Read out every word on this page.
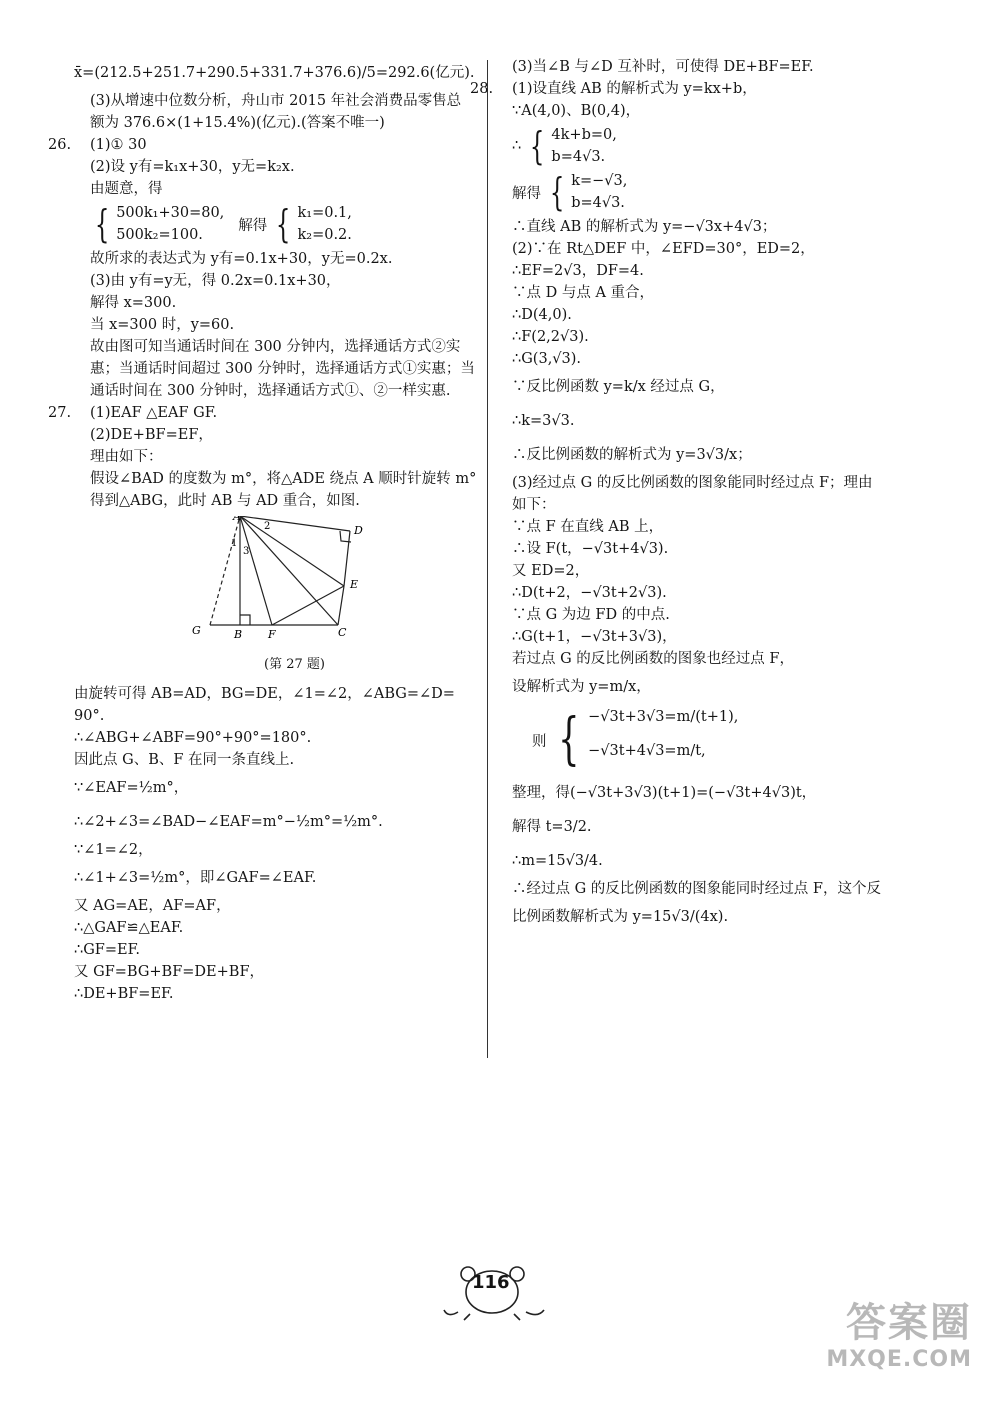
x̄=(212.5+251.7+290.5+331.7+376.6)/5=292.6(亿元).
(3)从增速中位数分析，舟山市 2015 年社会消费品零售总
额为 376.6×(1+15.4%)(亿元).(答案不唯一)
26. (1)① 30
(2)设 y有=k₁x+30，y无=k₂x.
由题意，得
{ 500k₁+30=80,
500k₂=100.
解得 { k₁=0.1,
k₂=0.2.
故所求的表达式为 y有=0.1x+30，y无=0.2x.
(3)由 y有=y无，得 0.2x=0.1x+30，
解得 x=300.
当 x=300 时，y=60.
故由图可知当通话时间在 300 分钟内，选择通话方式②实
惠；当通话时间超过 300 分钟时，选择通话方式①实惠；当
通话时间在 300 分钟时，选择通话方式①、②一样实惠.
27. (1)EAF △EAF GF.
(2)DE+BF=EF，
理由如下：
假设∠BAD 的度数为 m°，将△ADE 绕点 A 顺时针旋转 m°
得到△ABG，此时 AB 与 AD 重合，如图.
A
1
2
3
D
E
G	B F	C
(第 27 题)
由旋转可得 AB=AD，BG=DE，∠1=∠2，∠ABG=∠D=
90°.
∴∠ABG+∠ABF=90°+90°=180°.
因此点 G、B、F 在同一条直线上.
∵∠EAF=½m°，
∴∠2+∠3=∠BAD−∠EAF=m°−½m°=½m°.
∵∠1=∠2，
∴∠1+∠3=½m°，即∠GAF=∠EAF.
又 AG=AE，AF=AF，
∴△GAF≌△EAF.
∴GF=EF.
又 GF=BG+BF=DE+BF，
∴DE+BF=EF.
(3)当∠B 与∠D 互补时，可使得 DE+BF=EF.
28. (1)设直线 AB 的解析式为 y=kx+b，
∵A(4,0)、B(0,4)，
∴ { 4k+b=0,
b=4√3.
解得 { k=−√3,
b=4√3.
∴直线 AB 的解析式为 y=−√3x+4√3；
(2)∵在 Rt△DEF 中，∠EFD=30°，ED=2，
∴EF=2√3，DF=4.
∵点 D 与点 A 重合，
∴D(4,0).
∴F(2,2√3).
∴G(3,√3).
∵反比例函数 y=k/x 经过点 G，
∴k=3√3.
∴反比例函数的解析式为 y=3√3/x；
(3)经过点 G 的反比例函数的图象能同时经过点 F；理由
如下：
∵点 F 在直线 AB 上，
∴设 F(t，−√3t+4√3).
又 ED=2，
∴D(t+2，−√3t+2√3).
∵点 G 为边 FD 的中点.
∴G(t+1，−√3t+3√3)，
若过点 G 的反比例函数的图象也经过点 F，
设解析式为 y=m/x，
则 { −√3t+3√3=m/(t+1),
−√3t+4√3=m/t,
整理，得(−√3t+3√3)(t+1)=(−√3t+4√3)t，
解得 t=3/2.
∴m=15√3/4.
∴经过点 G 的反比例函数的图象能同时经过点 F，这个反
比例函数解析式为 y=15√3/(4x).
116
答案圈
MXQE.COM
